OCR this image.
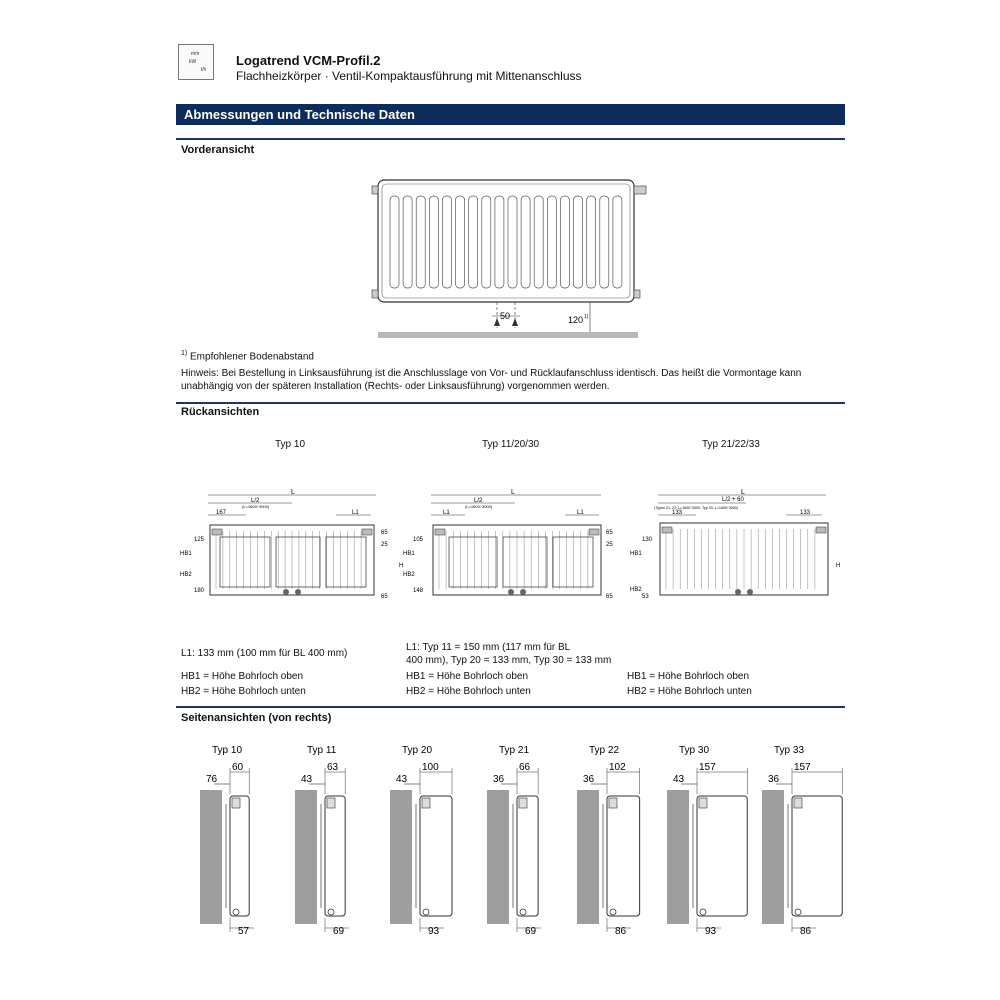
mm
kW
l/h
Logatrend VCM-Profil.2
Flachheizkörper · Ventil-Kompaktausführung mit Mittenanschluss
Abmessungen und Technische Daten
Vorderansicht
50	120 1)
$^{1)}$ Empfohlener Bodenabstand
Hinweis: Bei Bestellung in Linksausführung ist die Anschlusslage von Vor- und Rücklaufanschluss identisch. Das heißt die Vormontage kann
unabhängig von der späteren Installation (Rechts- oder Linksausführung) vorgenommen werden.
Rückansichten
Typ 10	Typ 11/20/30	Typ 21/22/33
L
L/2
(L=1600÷3000)
167	L1
125
HB1
HB2
180
65
25
65
L
L/2
(L=1600÷3000)
L1	L1
105
HB1
HB2
148
65
25
65
H
L
L/2 + 60
(Typen 21, 22: L=1600÷3000, Typ 33: L=1600÷3000)
133	133
130
HB1
HB2
53
H
L1: 133 mm (100 mm für BL 400 mm)
L1: Typ 11 = 150 mm (117 mm für BL
400 mm), Typ 20 = 133 mm, Typ 30 = 133 mm
HB1 = Höhe Bohrloch oben
HB2 = Höhe Bohrloch unten
HB1 = Höhe Bohrloch oben
HB2 = Höhe Bohrloch unten
HB1 = Höhe Bohrloch oben
HB2 = Höhe Bohrloch unten
Seitenansichten (von rechts)
Typ 10
76
60
57
Typ 11
43
63
69
Typ 20
43
100
93
Typ 21
36
66
69
Typ 22
36
102
86
Typ 30
43
157
93
Typ 33
36
157
86
